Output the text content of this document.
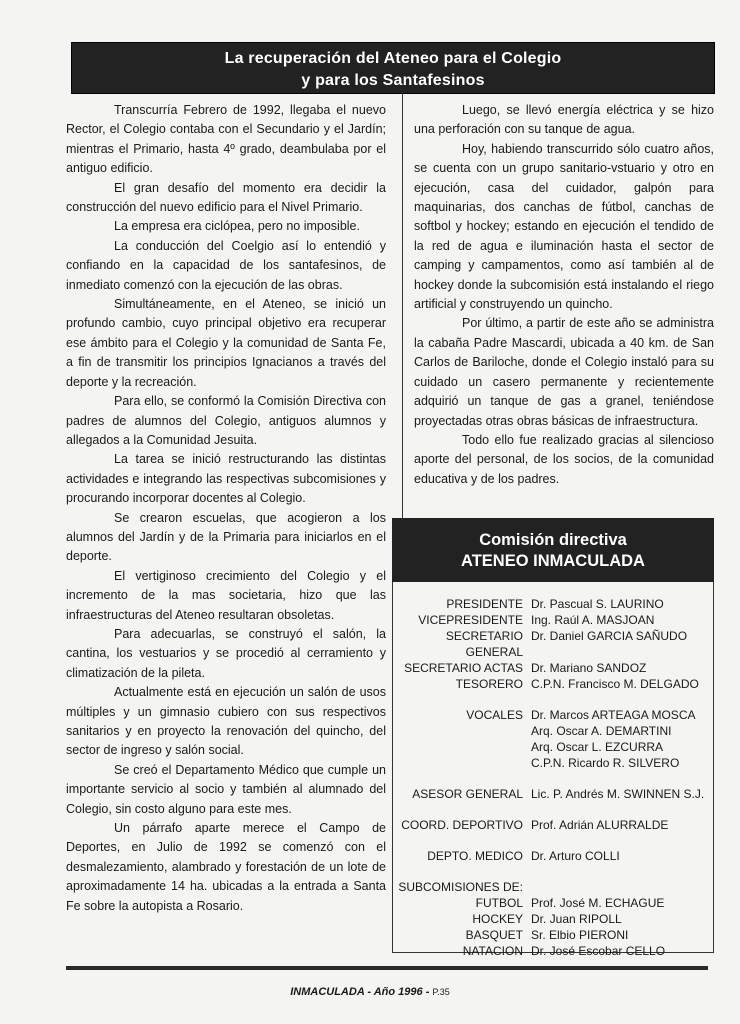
La recuperación del Ateneo para el Colegio
y para los Santafesinos

Transcurría Febrero de 1992, llegaba el nuevo Rector, el Colegio contaba con el Secundario y el Jardín; mientras el Primario, hasta 4º grado, deambulaba por el antiguo edificio.

El gran desafío del momento era decidir la construcción del nuevo edificio para el Nivel Primario.

La empresa era ciclópea, pero no imposible.

La conducción del Coelgio así lo entendió y confiando en la capacidad de los santafesinos, de inmediato comenzó con la ejecución de las obras.

Simultáneamente, en el Ateneo, se inició un profundo cambio, cuyo principal objetivo era recuperar ese ámbito para el Colegio y la comunidad de Santa Fe, a fin de transmitir los principios Ignacianos a través del deporte y la recreación.

Para ello, se conformó la Comisión Directiva con padres de alumnos del Colegio, antiguos alumnos y allegados a la Comunidad Jesuita.

La tarea se inició restructurando las distintas actividades e integrando las respectivas subcomisiones y procurando incorporar docentes al Colegio.

Se crearon escuelas, que acogieron a los alumnos del Jardín y de la Primaria para iniciarlos en el deporte.

El vertiginoso crecimiento del Colegio y el incremento de la mas societaria, hizo que las infraestructuras del Ateneo resultaran obsoletas.

Para adecuarlas, se construyó el salón, la cantina, los vestuarios y se procedió al cerramiento y climatización de la pileta.

Actualmente está en ejecución un salón de usos múltiples y un gimnasio cubiero con sus respectivos sanitarios y en proyecto la renovación del quincho, del sector de ingreso y salón social.

Se creó el Departamento Médico que cumple un importante servicio al socio y también al alumnado del Colegio, sin costo alguno para este mes.

Un párrafo aparte merece el Campo de Deportes, en Julio de 1992 se comenzó con el desmalezamiento, alambrado y forestación de un lote de aproximadamente 14 ha. ubicadas a la entrada a Santa Fe sobre la autopista a Rosario.

Luego, se llevó energía eléctrica y se hizo una perforación con su tanque de agua.

Hoy, habiendo transcurrido sólo cuatro años, se cuenta con un grupo sanitario-vstuario y otro en ejecución, casa del cuidador, galpón para maquinarias, dos canchas de fútbol, canchas de softbol y hockey; estando en ejecución el tendido de la red de agua e iluminación hasta el sector de camping y campamentos, como así también al de hockey donde la subcomisión está instalando el riego artificial y construyendo un quincho.

Por último, a partir de este año se administra la cabaña Padre Mascardi, ubicada a 40 km. de San Carlos de Bariloche, donde el Colegio instaló para su cuidado un casero permanente y recientemente adquirió un tanque de gas a granel, teniéndose proyectadas otras obras básicas de infraestructura.

Todo ello fue realizado gracias al silencioso aporte del personal, de los socios, de la comunidad educativa y de los padres.

Comisión directiva
ATENEO INMACULADA
PRESIDENTE Dr. Pascual S. LAURINO
VICEPRESIDENTE Ing. Raúl A. MASJOAN
SECRETARIO GENERAL
Dr. Daniel GARCIA SAÑUDO
SECRETARIO ACTAS Dr. Mariano SANDOZ
TESORERO C.P.N. Francisco M. DELGADO
VOCALES Dr. Marcos ARTEAGA MOSCA
Arq. Oscar A. DEMARTINI
Arq. Oscar L. EZCURRA
C.P.N. Ricardo R. SILVERO
ASESOR GENERAL Lic. P. Andrés M. SWINNEN S.J.
COORD. DEPORTIVO Prof. Adrián ALURRALDE
DEPTO. MEDICO Dr. Arturo COLLI
SUBCOMISIONES DE:
FUTBOL Prof. José M. ECHAGUE
HOCKEY Dr. Juan RIPOLL
BASQUET Sr. Elbio PIERONI
NATACION Dr. José Escobar CELLO
INMACULADA - Año 1996 - P.35
